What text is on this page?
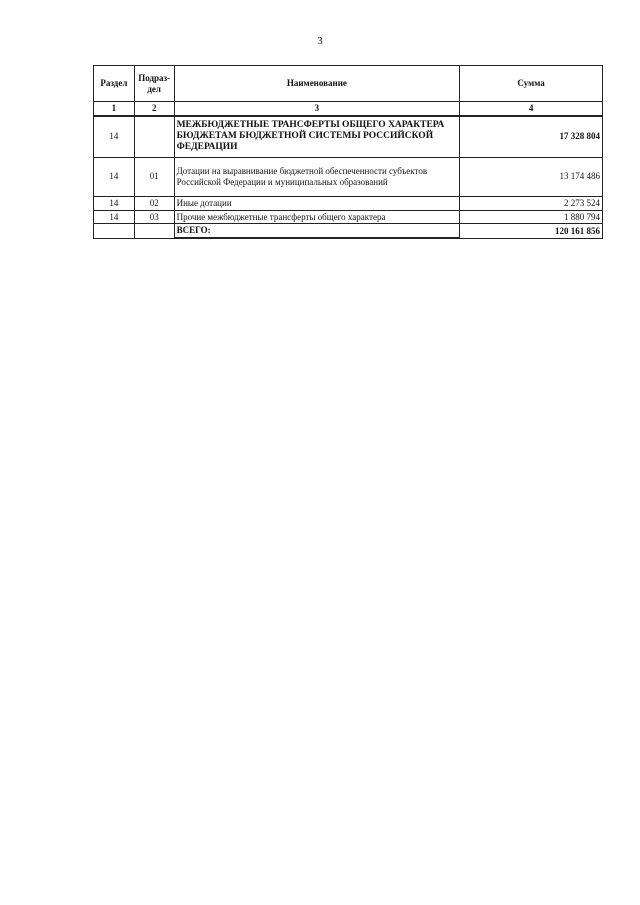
3
Раздел	Подраз-дел	Наименование	Сумма
1	2	3	4
14		МЕЖБЮДЖЕТНЫЕ ТРАНСФЕРТЫ ОБЩЕГО ХАРАКТЕРА БЮДЖЕТАМ БЮДЖЕТНОЙ СИСТЕМЫ РОССИЙСКОЙ ФЕДЕРАЦИИ	17 328 804
14	01	Дотации на выравнивание бюджетной обеспеченности субъектов Российской Федерации и муниципальных образований	13 174 486
14	02	Иные дотации	2 273 524
14	03	Прочие межбюджетные трансферты общего характера	1 880 794
		ВСЕГО:	120 161 856
